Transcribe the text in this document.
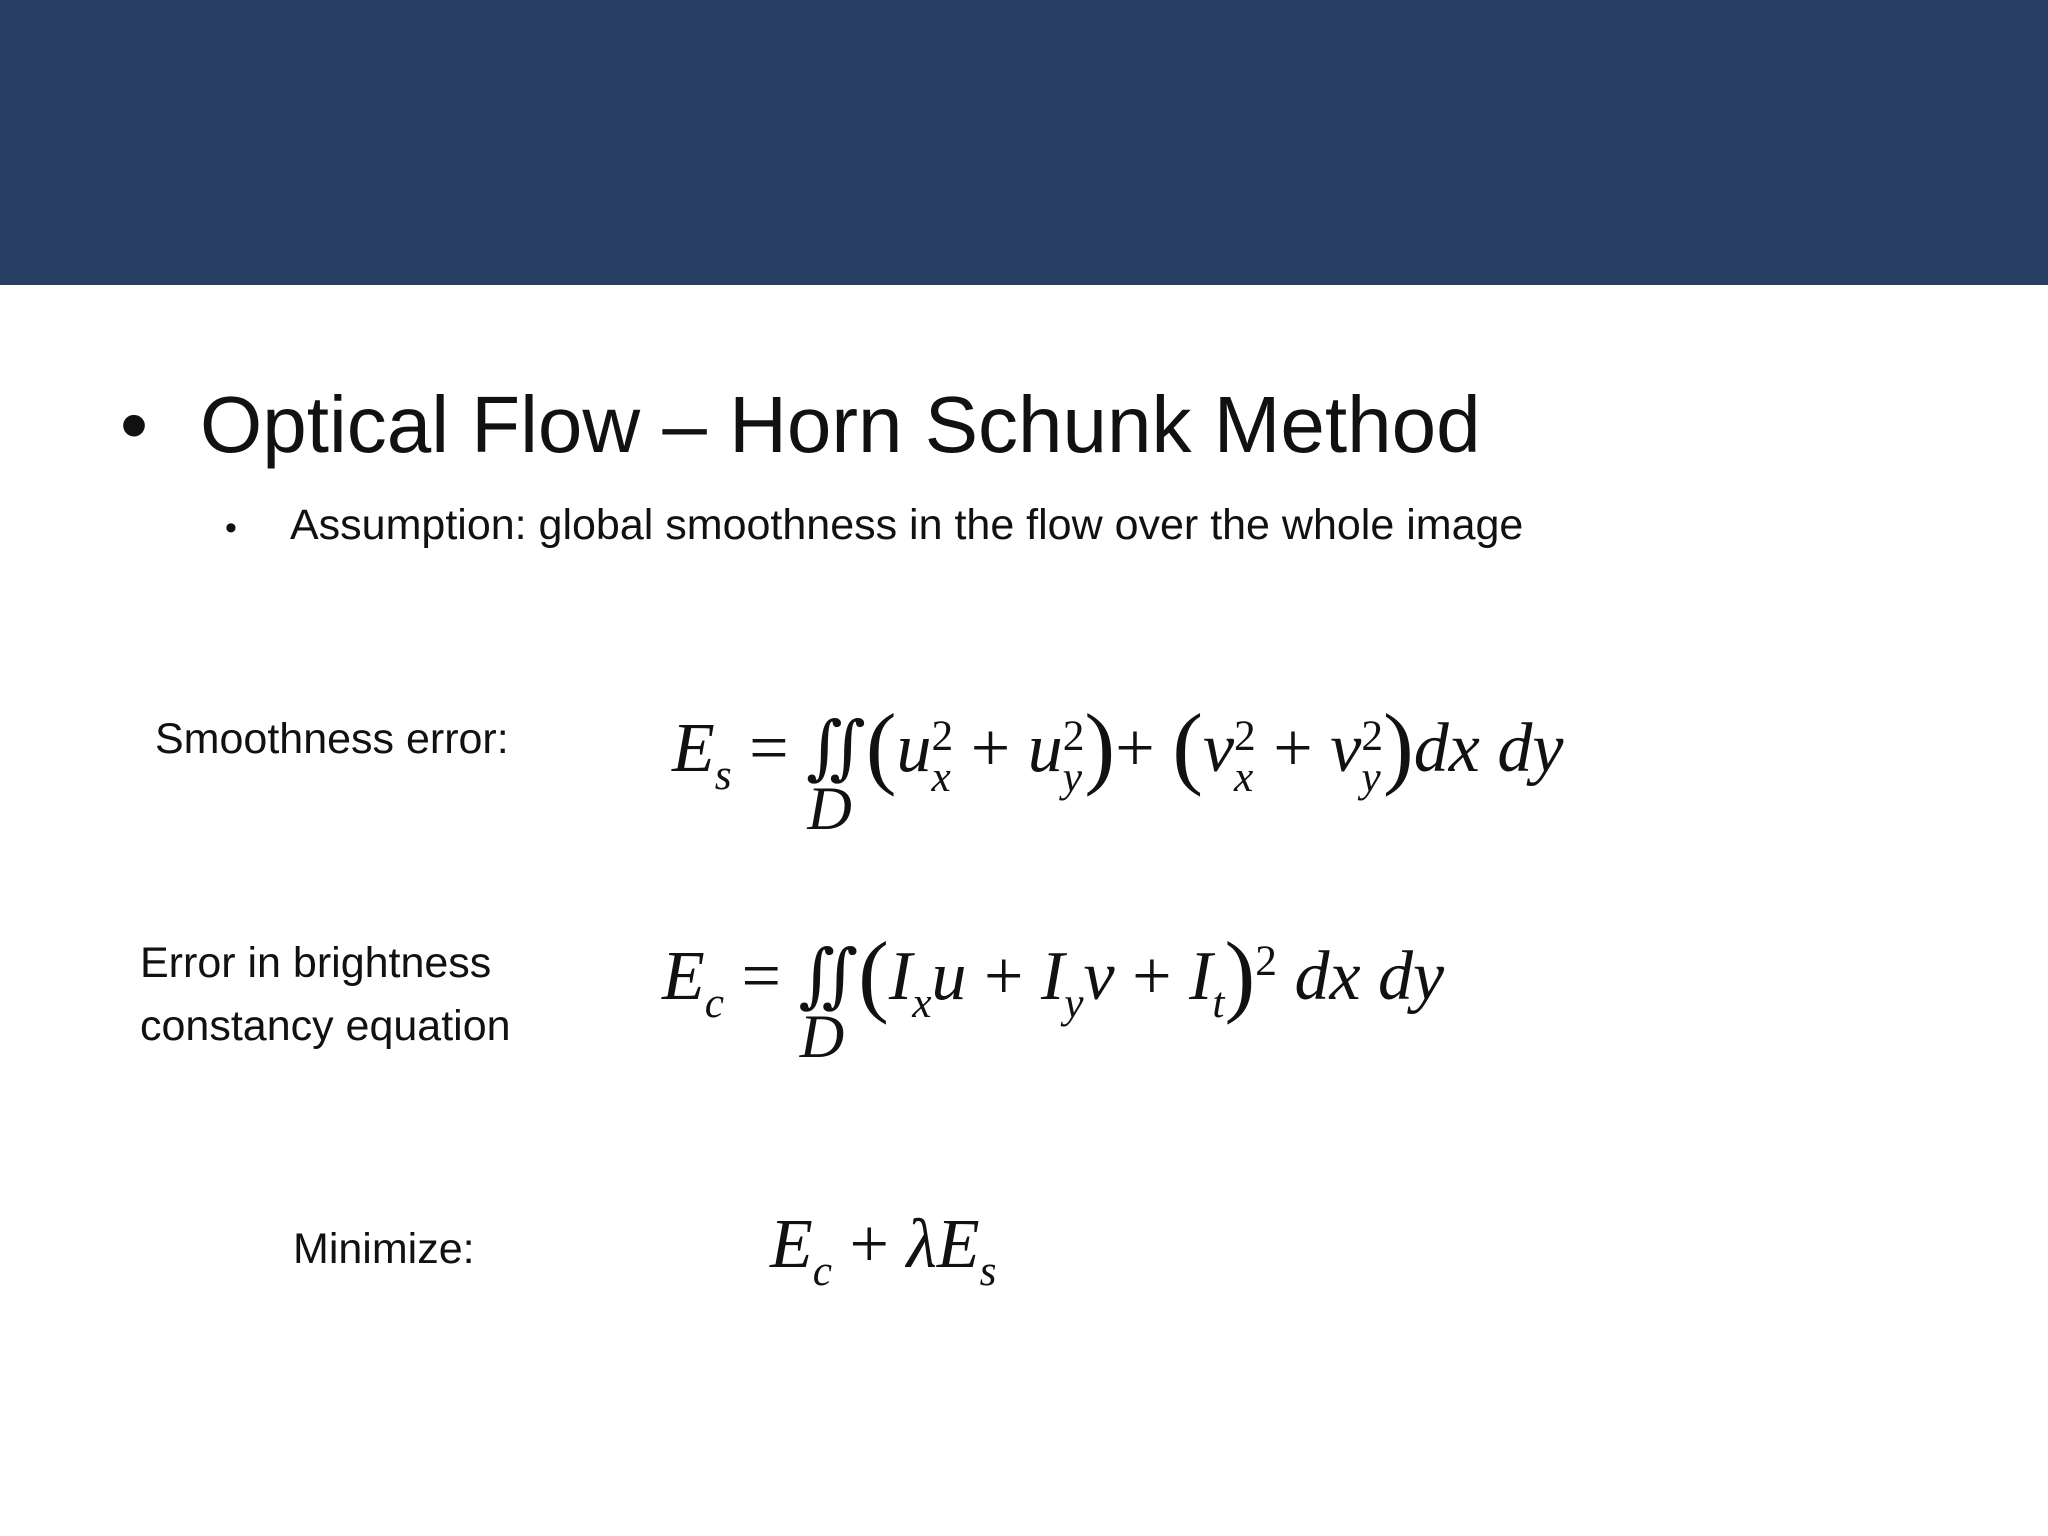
• Optical Flow – Horn Schunk Method
• Assumption: global smoothness in the flow over the whole image
Smoothness error: $E_s$ = ∬
D
(u 2
x + u 2
y )+ (v 2
x + v 2
y )dx dy
Error in brightness
constancy equation
$E_c$ = ∬
D
$(I_xu + I_yv + I_t)^2$ dx dy
Minimize:	$E_c + \lambda E_s$
